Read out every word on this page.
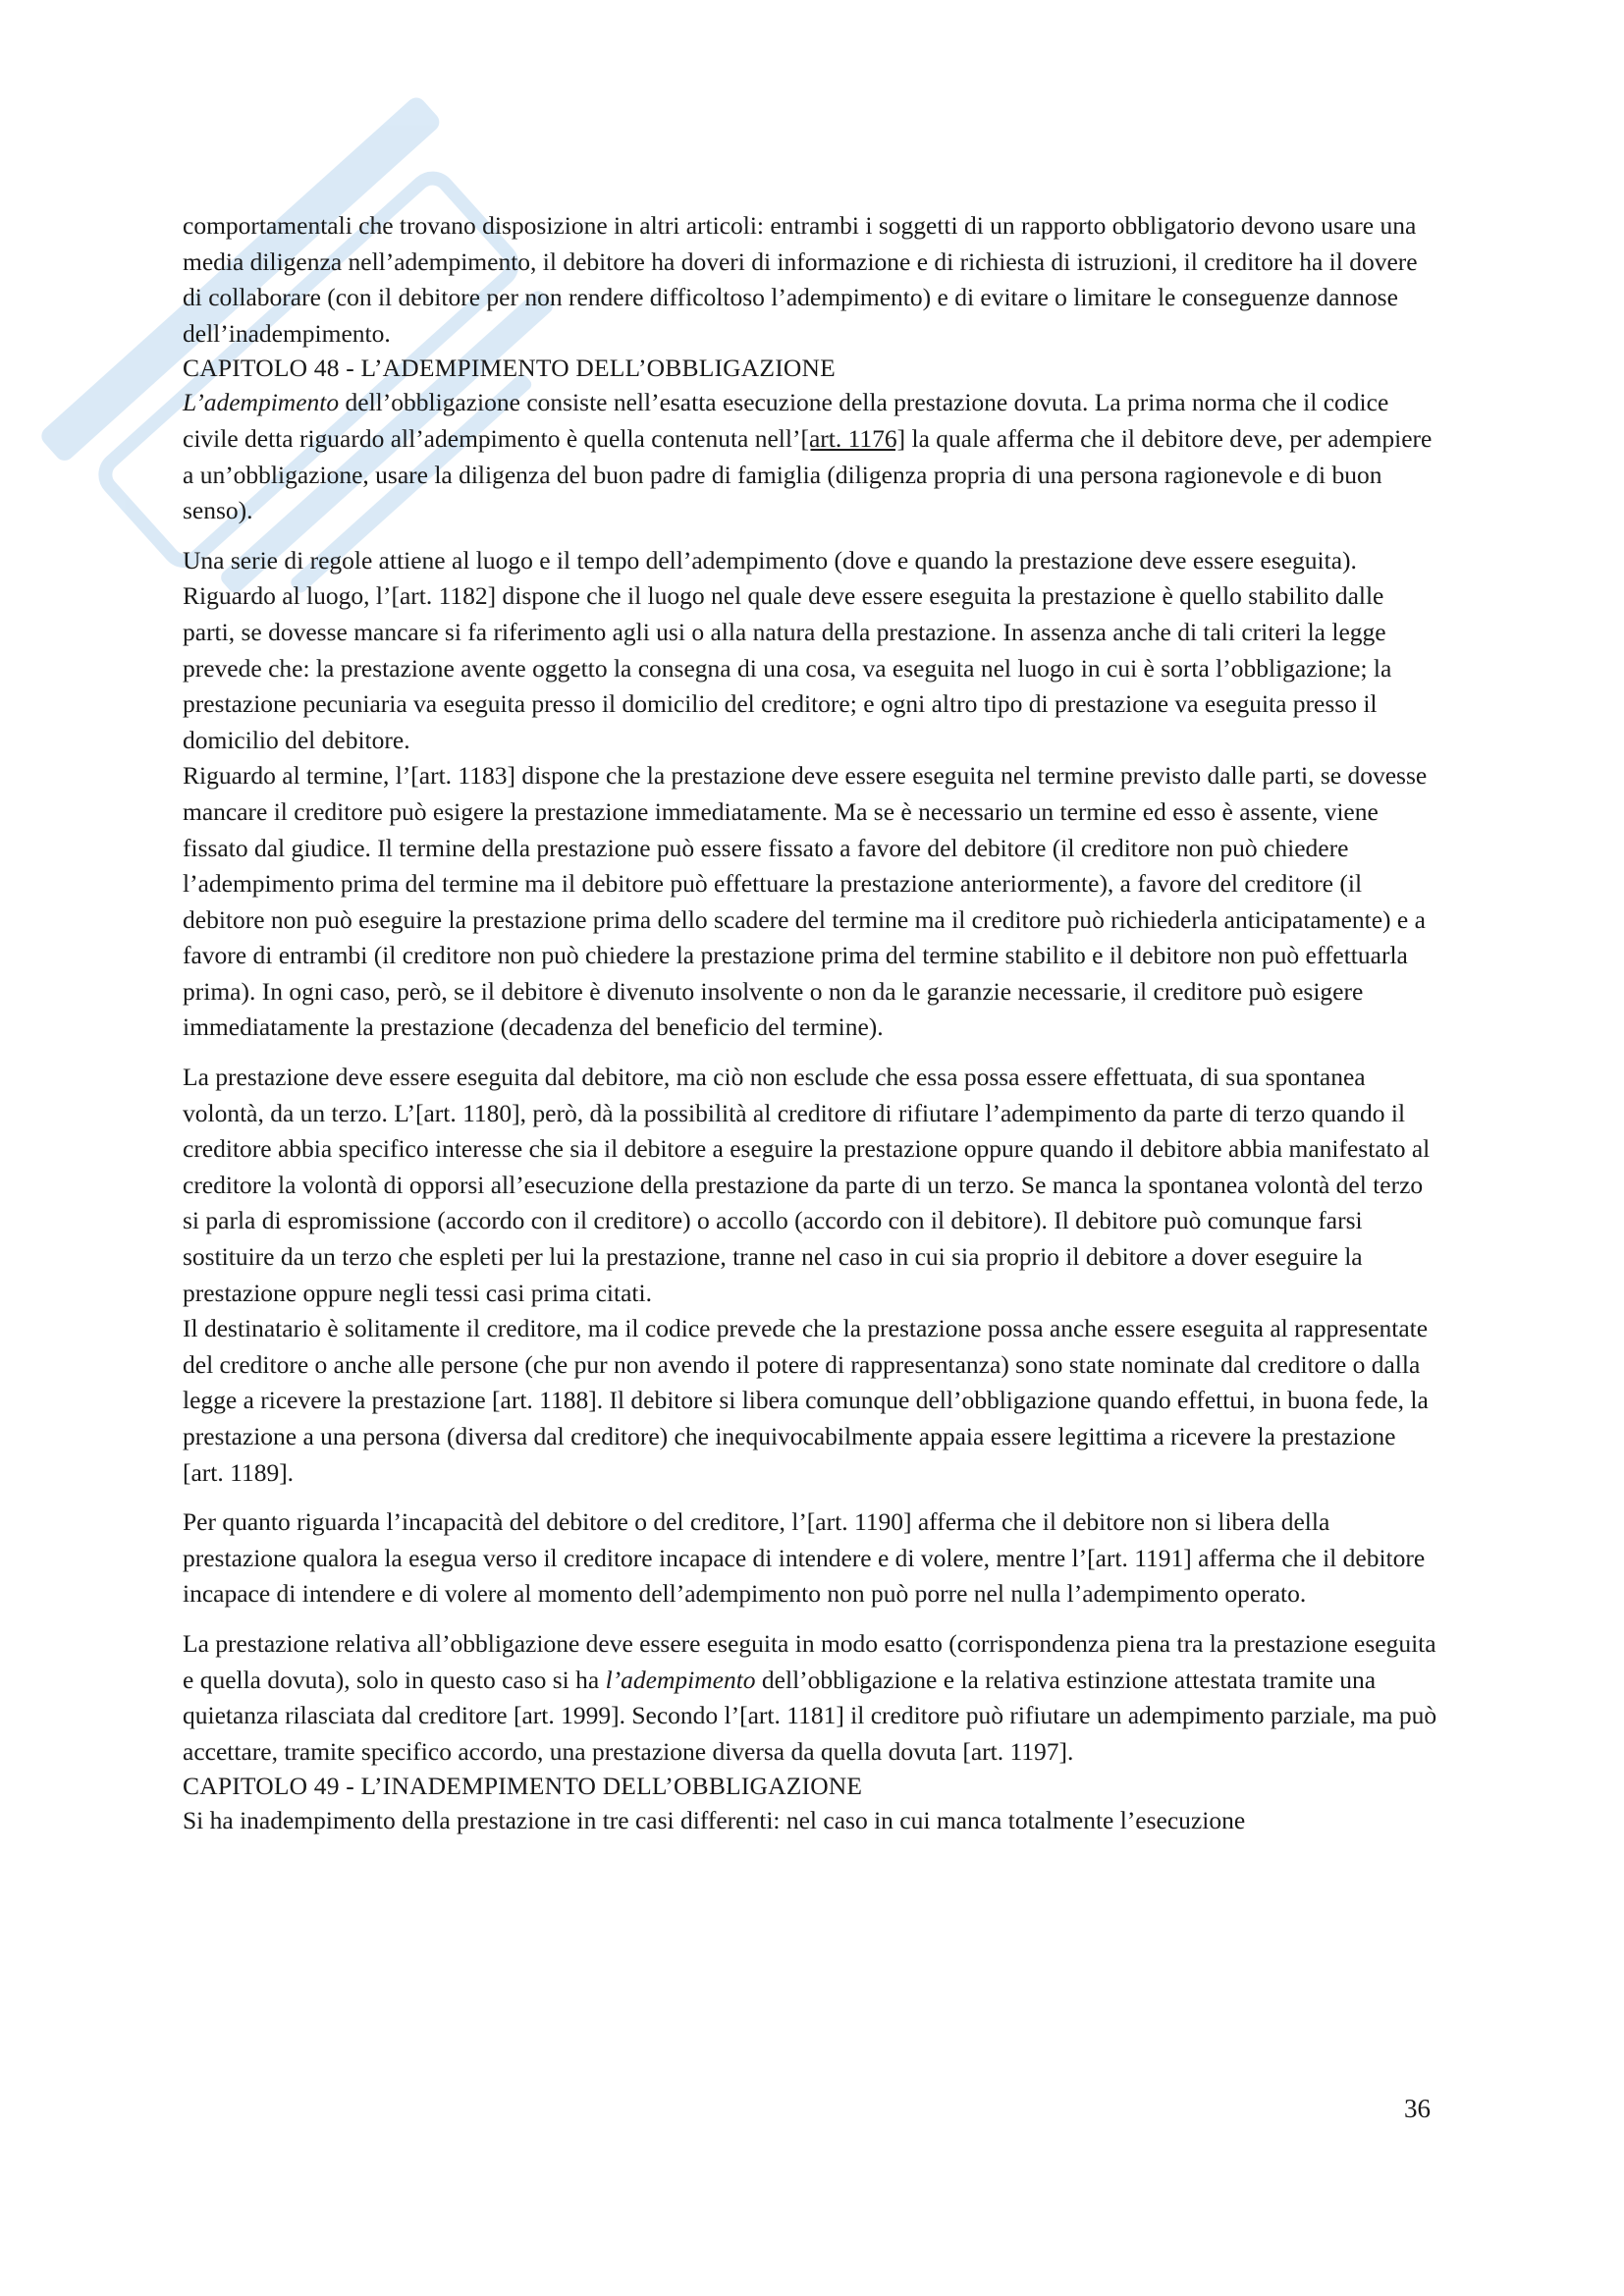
comportamentali che trovano disposizione in altri articoli: entrambi i soggetti di un rapporto obbligatorio devono usare una media diligenza nell’adempimento, il debitore ha doveri di informazione e di richiesta di istruzioni, il creditore ha il dovere di collaborare (con il debitore per non rendere difficoltoso l’adempimento) e di evitare o limitare le conseguenze dannose dell’inadempimento.

CAPITOLO 48 - L’ADEMPIMENTO DELL’OBBLIGAZIONE

L’adempimento dell’obbligazione consiste nell’esatta esecuzione della prestazione dovuta. La prima norma che il codice civile detta riguardo all’adempimento è quella contenuta nell’[art. 1176] la quale afferma che il debitore deve, per adempiere a un’obbligazione, usare la diligenza del buon padre di famiglia (diligenza propria di una persona ragionevole e di buon senso).

Una serie di regole attiene al luogo e il tempo dell’adempimento (dove e quando la prestazione deve essere eseguita).

Riguardo al luogo, l’[art. 1182] dispone che il luogo nel quale deve essere eseguita la prestazione è quello stabilito dalle parti, se dovesse mancare si fa riferimento agli usi o alla natura della prestazione. In assenza anche di tali criteri la legge prevede che: la prestazione avente oggetto la consegna di una cosa, va eseguita nel luogo in cui è sorta l’obbligazione; la prestazione pecuniaria va eseguita presso il domicilio del creditore; e ogni altro tipo di prestazione va eseguita presso il domicilio del debitore.

Riguardo al termine, l’[art. 1183] dispone che la prestazione deve essere eseguita nel termine previsto dalle parti, se dovesse mancare il creditore può esigere la prestazione immediatamente. Ma se è necessario un termine ed esso è assente, viene fissato dal giudice. Il termine della prestazione può essere fissato a favore del debitore (il creditore non può chiedere l’adempimento prima del termine ma il debitore può effettuare la prestazione anteriormente), a favore del creditore (il debitore non può eseguire la prestazione prima dello scadere del termine ma il creditore può richiederla anticipatamente) e a favore di entrambi (il creditore non può chiedere la prestazione prima del termine stabilito e il debitore non può effettuarla prima). In ogni caso, però, se il debitore è divenuto insolvente o non da le garanzie necessarie, il creditore può esigere immediatamente la prestazione (decadenza del beneficio del termine).

La prestazione deve essere eseguita dal debitore, ma ciò non esclude che essa possa essere effettuata, di sua spontanea volontà, da un terzo. L’[art. 1180], però, dà la possibilità al creditore di rifiutare l’adempimento da parte di terzo quando il creditore abbia specifico interesse che sia il debitore a eseguire la prestazione oppure quando il debitore abbia manifestato al creditore la volontà di opporsi all’esecuzione della prestazione da parte di un terzo. Se manca la spontanea volontà del terzo si parla di espromissione (accordo con il creditore) o accollo (accordo con il debitore). Il debitore può comunque farsi sostituire da un terzo che espleti per lui la prestazione, tranne nel caso in cui sia proprio il debitore a dover eseguire la prestazione oppure negli tessi casi prima citati.

Il destinatario è solitamente il creditore, ma il codice prevede che la prestazione possa anche essere eseguita al rappresentate del creditore o anche alle persone (che pur non avendo il potere di rappresentanza) sono state nominate dal creditore o dalla legge a ricevere la prestazione [art. 1188]. Il debitore si libera comunque dell’obbligazione quando effettui, in buona fede, la prestazione a una persona (diversa dal creditore) che inequivocabilmente appaia essere legittima a ricevere la prestazione [art. 1189].

Per quanto riguarda l’incapacità del debitore o del creditore, l’[art. 1190] afferma che il debitore non si libera della prestazione qualora la esegua verso il creditore incapace di intendere e di volere, mentre l’[art. 1191] afferma che il debitore incapace di intendere e di volere al momento dell’adempimento non può porre nel nulla l’adempimento operato.

La prestazione relativa all’obbligazione deve essere eseguita in modo esatto (corrispondenza piena tra la prestazione eseguita e quella dovuta), solo in questo caso si ha l’adempimento dell’obbligazione e la relativa estinzione attestata tramite una quietanza rilasciata dal creditore [art. 1999]. Secondo l’[art. 1181] il creditore può rifiutare un adempimento parziale, ma può accettare, tramite specifico accordo, una prestazione diversa da quella dovuta [art. 1197].

CAPITOLO 49 - L’INADEMPIMENTO DELL’OBBLIGAZIONE

Si ha inadempimento della prestazione in tre casi differenti: nel caso in cui manca totalmente l’esecuzione

36
